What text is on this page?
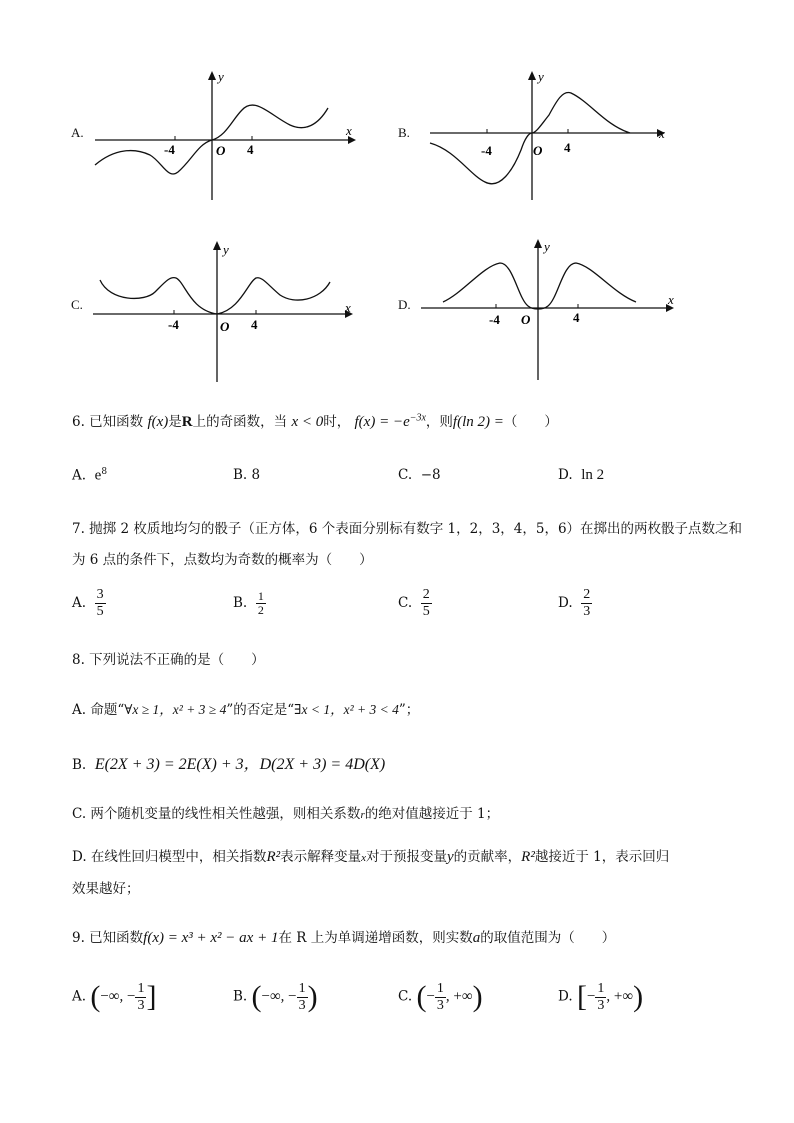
A.	x
y
O
-4	4
B.	x
y
O
-4	4
C.	x
y
O
-4	4
D.	x
y
O
-4	4
6. 已知函数 f(x)是R上的奇函数，当 x < 0时， $f(x) = -e^{-3x}$，则f(ln 2) =（　　）
A. $e^8$	B. 8	C. −8	D. ln 2
7. 抛掷 2 枚质地均匀的骰子（正方体，6 个表面分别标有数字 1，2，3，4，5，6）在掷出的两枚骰子点数之和
为 6 点的条件下，点数均为奇数的概率为（　　）
A. $\frac{3}{5}$	B. $\frac{1}{2}$	C. $\frac{2}{5}$	D. $\frac{2}{3}$
8. 下列说法不正确的是（　　）
A. 命题“∀x ≥ 1，x² + 3 ≥ 4”的否定是“∃x < 1，x² + 3 < 4”；
B. E(2X + 3) = 2E(X) + 3，D(2X + 3) = 4D(X)
C. 两个随机变量的线性相关性越强，则相关系数r的绝对值越接近于 1；
D. 在线性回归模型中，相关指数R²表示解释变量x对于预报变量y的贡献率，R²越接近于 1，表示回归
效果越好；
9. 已知函数f(x) = x³ + x² − ax + 1在 R 上为单调递增函数，则实数a的取值范围为（　　）
A. (−∞, − $\frac{1}{3}$ ]	B. (−∞, − $\frac{1}{3}$ )	C. (− $\frac{1}{3}$ , +∞)	D. [− $\frac{1}{3}$ , +∞)
